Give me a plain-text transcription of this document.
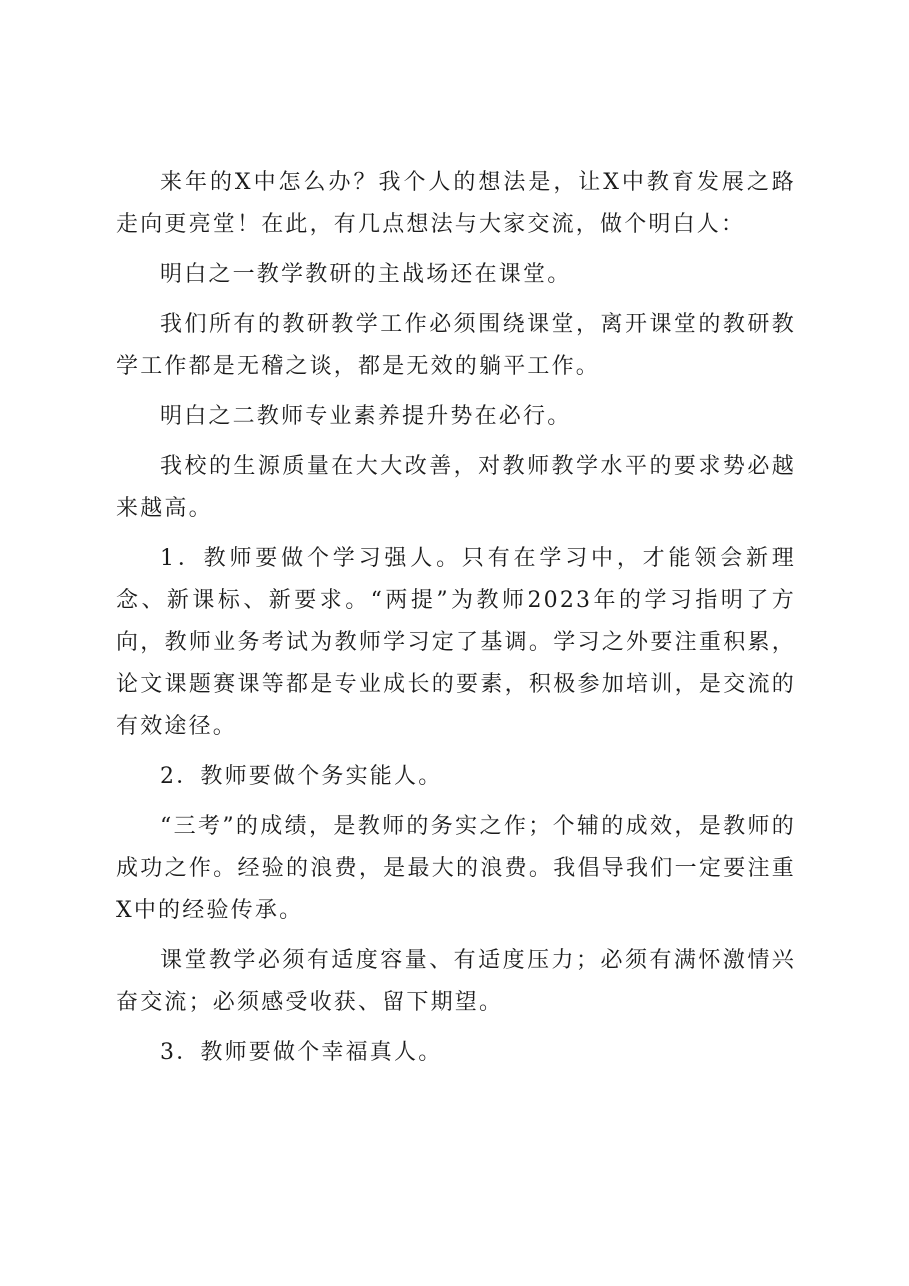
来年的X中怎么办？我个人的想法是，让X中教育发展之路走向更亮堂！在此，有几点想法与大家交流，做个明白人：

明白之一教学教研的主战场还在课堂。

我们所有的教研教学工作必须围绕课堂，离开课堂的教研教学工作都是无稽之谈，都是无效的躺平工作。

明白之二教师专业素养提升势在必行。

我校的生源质量在大大改善，对教师教学水平的要求势必越来越高。

1．教师要做个学习强人。只有在学习中，才能领会新理念、新课标、新要求。“两提”为教师2023年的学习指明了方向，教师业务考试为教师学习定了基调。学习之外要注重积累，论文课题赛课等都是专业成长的要素，积极参加培训，是交流的有效途径。

2．教师要做个务实能人。

“三考”的成绩，是教师的务实之作；个辅的成效，是教师的成功之作。经验的浪费，是最大的浪费。我倡导我们一定要注重X中的经验传承。

课堂教学必须有适度容量、有适度压力；必须有满怀激情兴奋交流；必须感受收获、留下期望。

3．教师要做个幸福真人。
